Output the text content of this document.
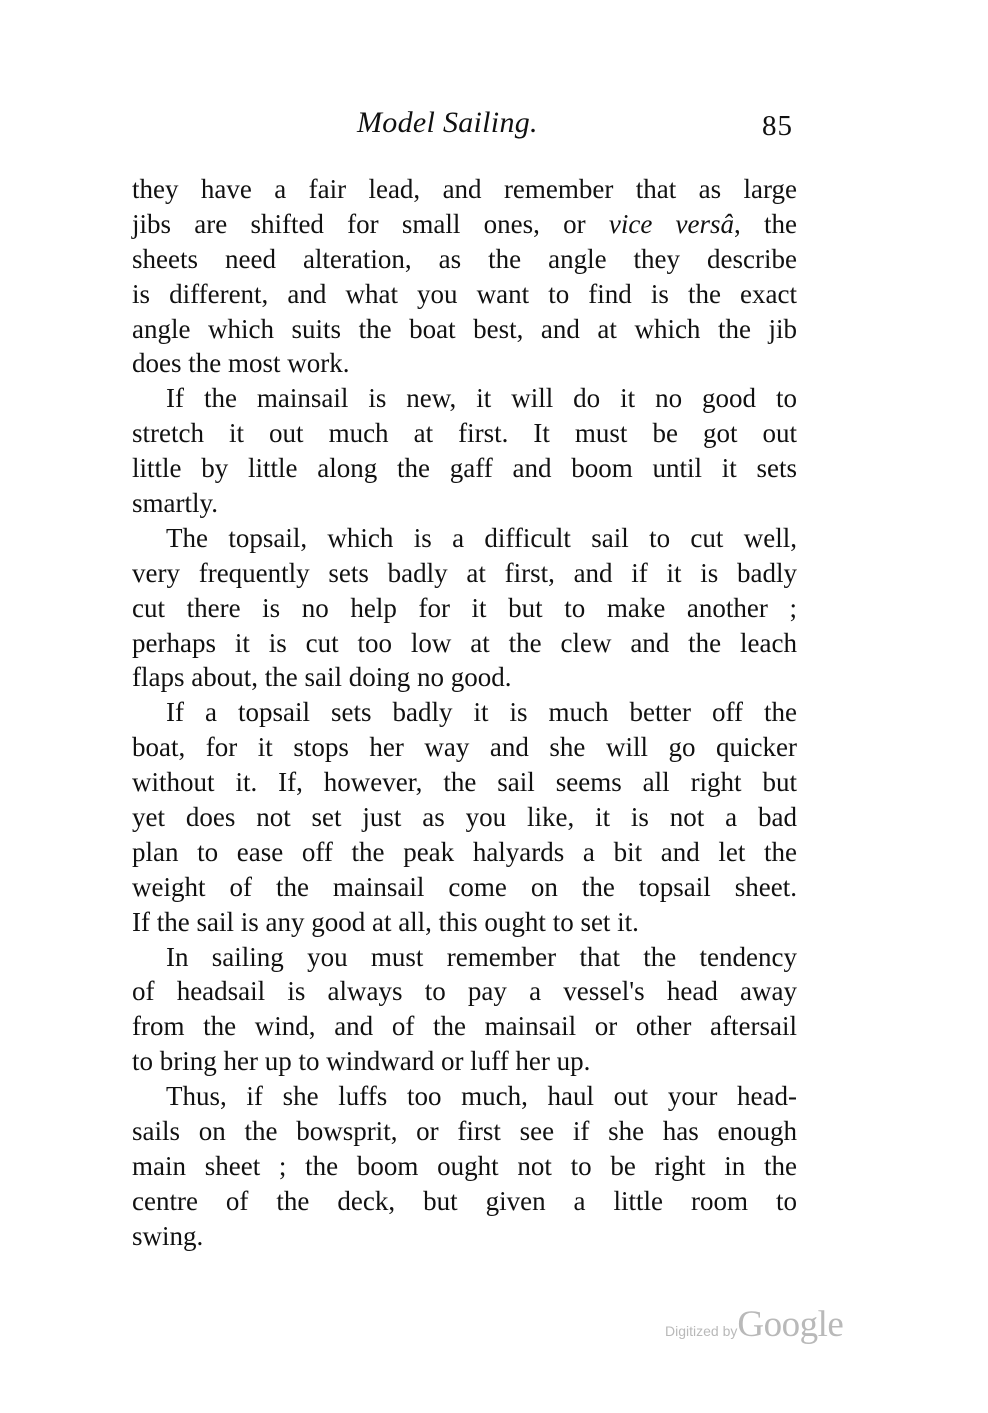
Model Sailing.	85
they have a fair lead, and remember that as large
jibs are shifted for small ones, or vice versâ, the
sheets need alteration, as the angle they describe
is different, and what you want to find is the exact
angle which suits the boat best, and at which the jib
does the most work.
If the mainsail is new, it will do it no good to
stretch it out much at first. It must be got out
little by little along the gaff and boom until it sets
smartly.
The topsail, which is a difficult sail to cut well,
very frequently sets badly at first, and if it is badly
cut there is no help for it but to make another ;
perhaps it is cut too low at the clew and the leach
flaps about, the sail doing no good.
If a topsail sets badly it is much better off the
boat, for it stops her way and she will go quicker
without it. If, however, the sail seems all right but
yet does not set just as you like, it is not a bad
plan to ease off the peak halyards a bit and let the
weight of the mainsail come on the topsail sheet.
If the sail is any good at all, this ought to set it.
In sailing you must remember that the tendency
of headsail is always to pay a vessel's head away
from the wind, and of the mainsail or other aftersail
to bring her up to windward or luff her up.
Thus, if she luffs too much, haul out your head-
sails on the bowsprit, or first see if she has enough
main sheet ; the boom ought not to be right in the
centre of the deck, but given a little room to
swing.
Digitized byGoogle
